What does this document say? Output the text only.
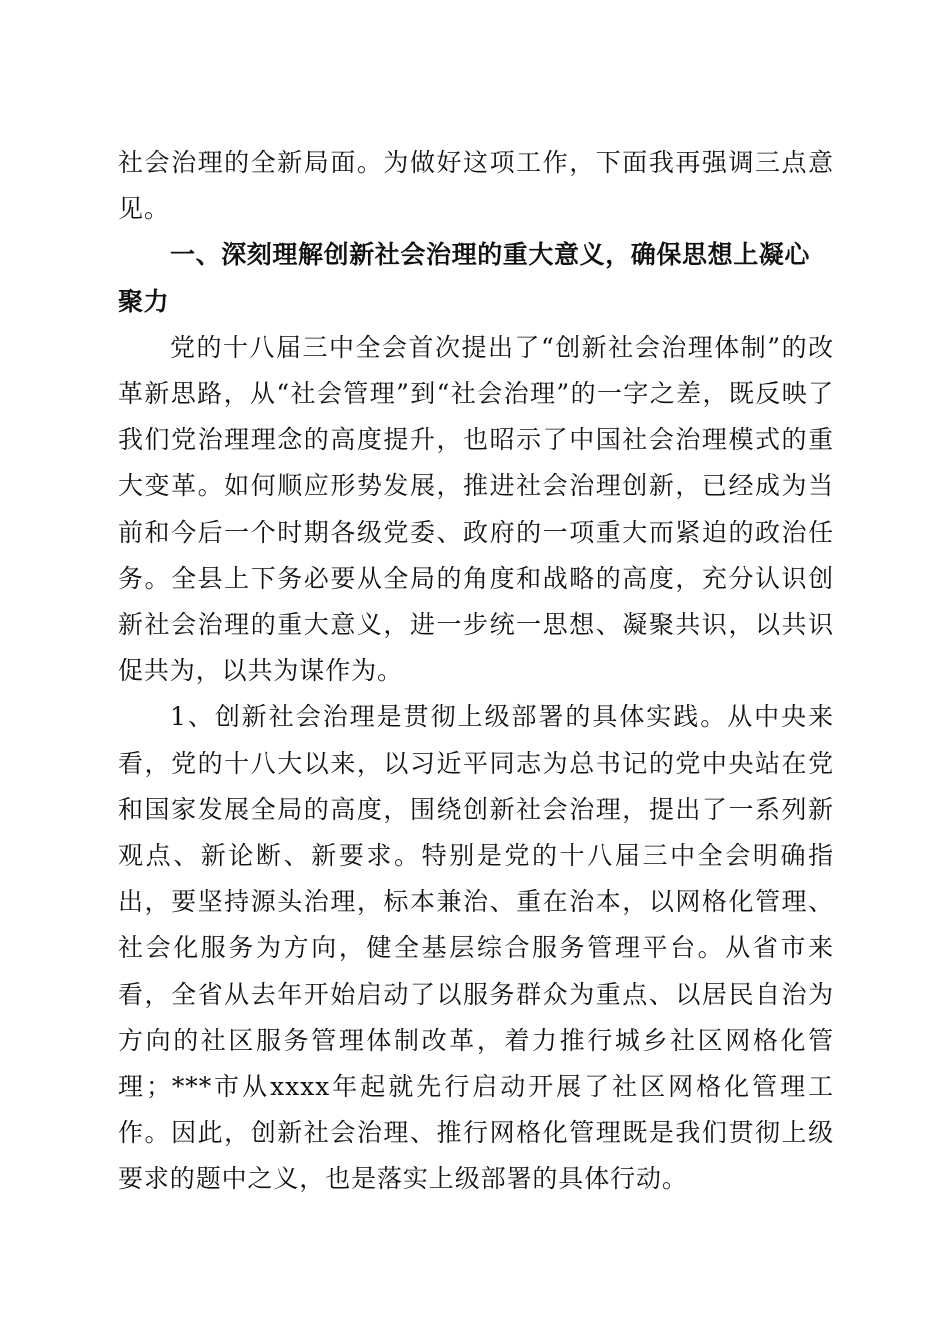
社会治理的全新局面。为做好这项工作，下面我再强调三点意见。

一、深刻理解创新社会治理的重大意义，确保思想上凝心聚力

党的十八届三中全会首次提出了“创新社会治理体制”的改革新思路，从“社会管理”到“社会治理”的一字之差，既反映了我们党治理理念的高度提升，也昭示了中国社会治理模式的重大变革。如何顺应形势发展，推进社会治理创新，已经成为当前和今后一个时期各级党委、政府的一项重大而紧迫的政治任务。全县上下务必要从全局的角度和战略的高度，充分认识创新社会治理的重大意义，进一步统一思想、凝聚共识，以共识促共为，以共为谋作为。

1、创新社会治理是贯彻上级部署的具体实践。从中央来看，党的十八大以来，以习近平同志为总书记的党中央站在党和国家发展全局的高度，围绕创新社会治理，提出了一系列新观点、新论断、新要求。特别是党的十八届三中全会明确指出，要坚持源头治理，标本兼治、重在治本，以网格化管理、社会化服务为方向，健全基层综合服务管理平台。从省市来看，全省从去年开始启动了以服务群众为重点、以居民自治为方向的社区服务管理体制改革，着力推行城乡社区网格化管理；***市从xxxx年起就先行启动开展了社区网格化管理工作。因此，创新社会治理、推行网格化管理既是我们贯彻上级要求的题中之义，也是落实上级部署的具体行动。
